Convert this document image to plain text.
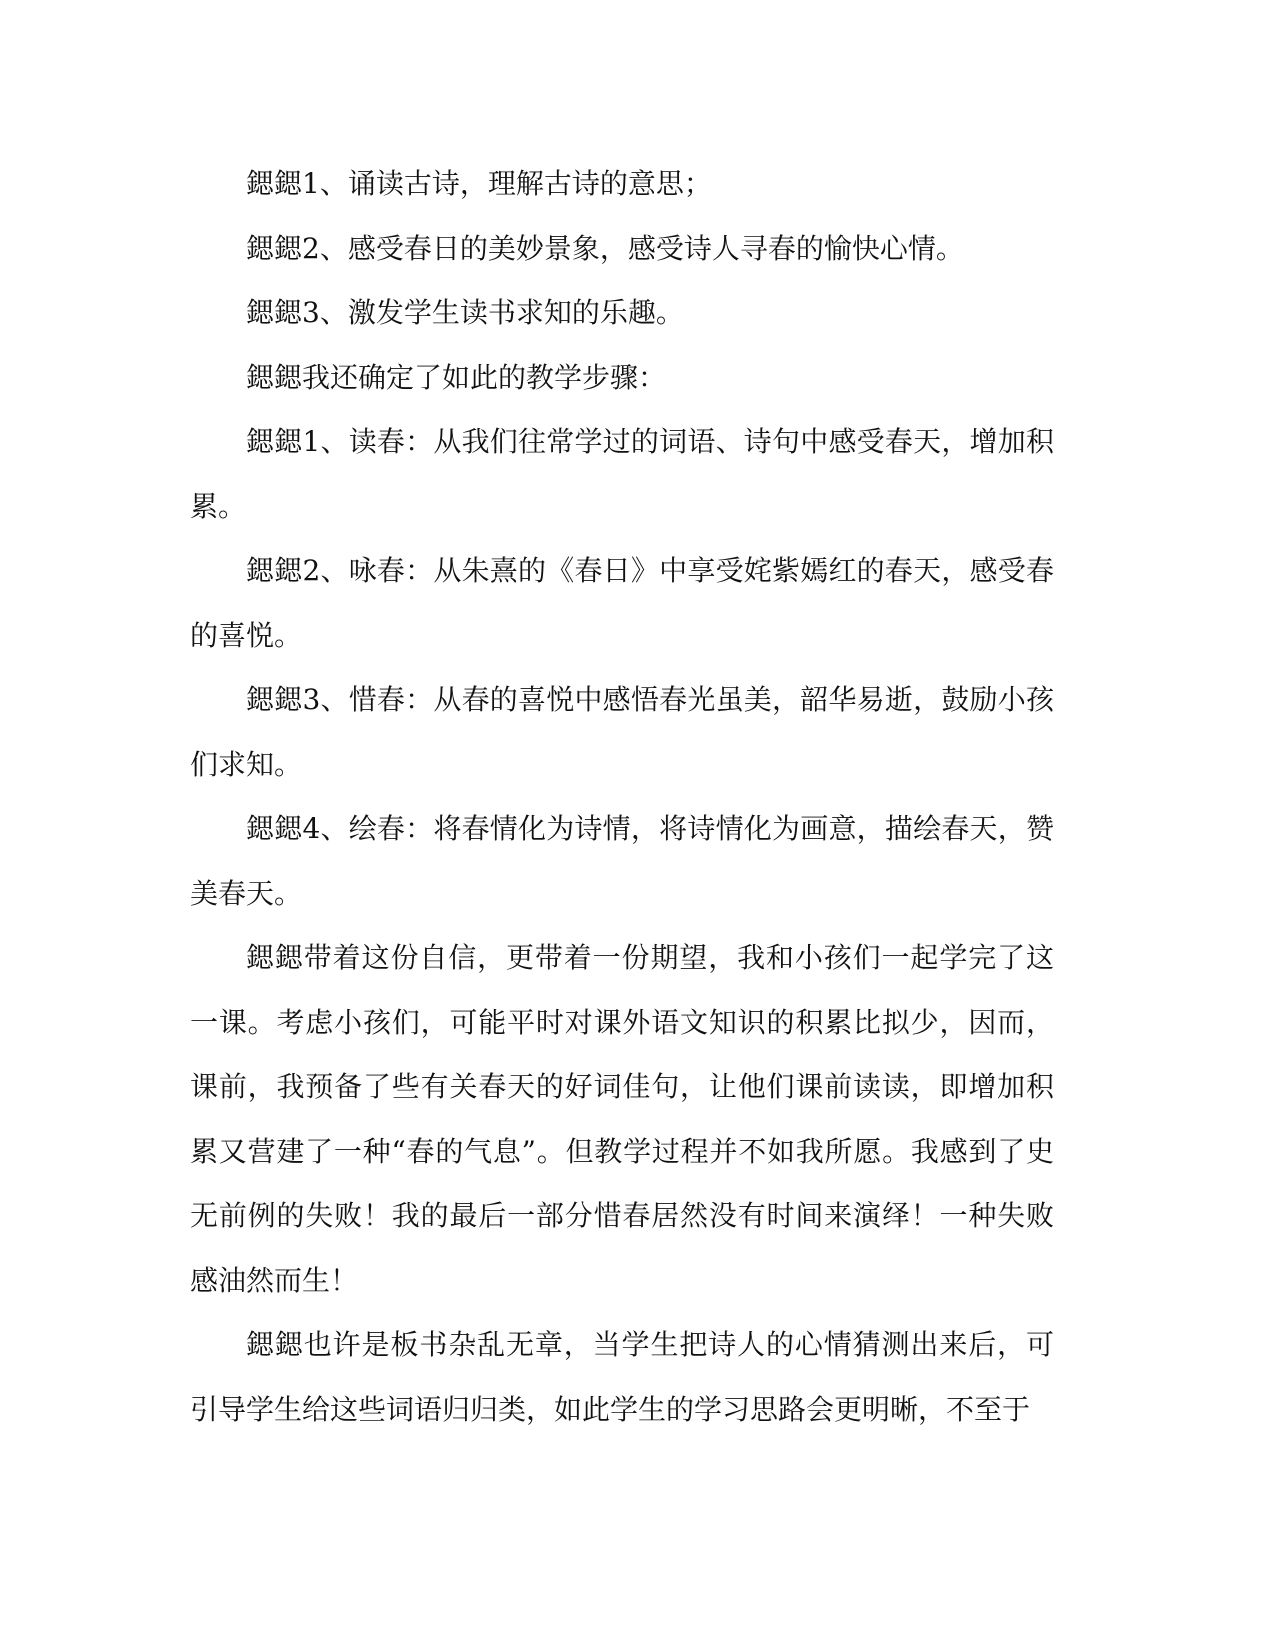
鍶鍶1、诵读古诗，理解古诗的意思；

鍶鍶2、感受春日的美妙景象，感受诗人寻春的愉快心情。

鍶鍶3、激发学生读书求知的乐趣。

鍶鍶我还确定了如此的教学步骤：

鍶鍶1、读春：从我们往常学过的词语、诗句中感受春天，增加积累。

鍶鍶2、咏春：从朱熹的《春日》中享受姹紫嫣红的春天，感受春的喜悦。

鍶鍶3、惜春：从春的喜悦中感悟春光虽美，韶华易逝，鼓励小孩们求知。

鍶鍶4、绘春：将春情化为诗情，将诗情化为画意，描绘春天，赞美春天。

鍶鍶带着这份自信，更带着一份期望，我和小孩们一起学完了这一课。考虑小孩们，可能平时对课外语文知识的积累比拟少，因而，课前，我预备了些有关春天的好词佳句，让他们课前读读，即增加积累又营建了一种“春的气息”。但教学过程并不如我所愿。我感到了史无前例的失败！我的最后一部分惜春居然没有时间来演绎！一种失败感油然而生！

鍶鍶也许是板书杂乱无章，当学生把诗人的心情猜测出来后，可引导学生给这些词语归归类，如此学生的学习思路会更明晰，不至于
